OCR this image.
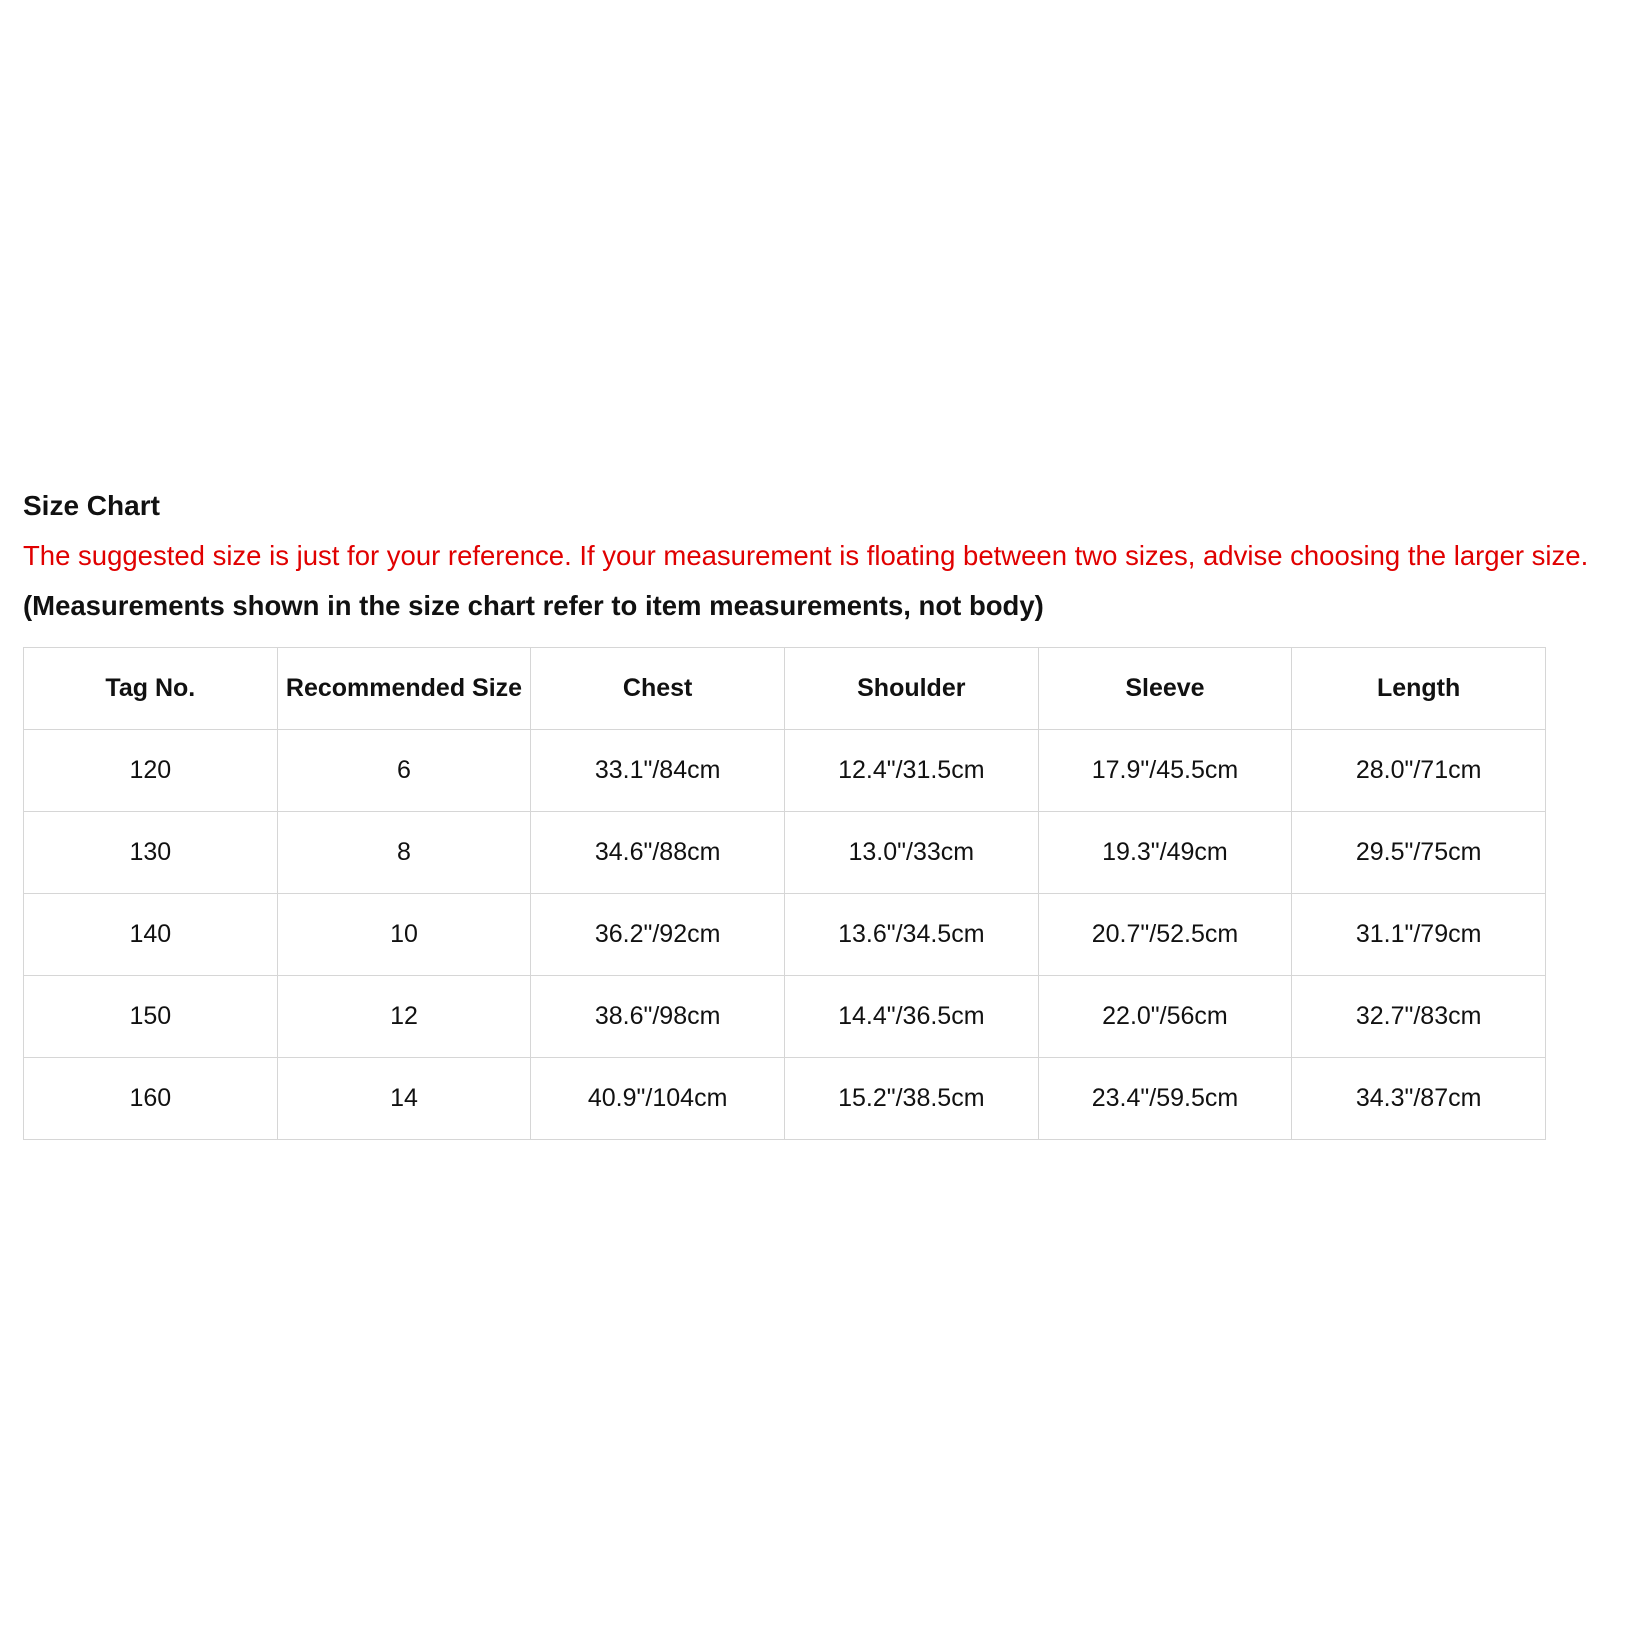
Size Chart
The suggested size is just for your reference. If your measurement is floating between two sizes, advise choosing the larger size.
(Measurements shown in the size chart refer to item measurements, not body)
Tag No.	Recommended Size	Chest	Shoulder	Sleeve	Length
120	6	33.1"/84cm	12.4"/31.5cm	17.9"/45.5cm	28.0"/71cm
130	8	34.6"/88cm	13.0"/33cm	19.3"/49cm	29.5"/75cm
140	10	36.2"/92cm	13.6"/34.5cm	20.7"/52.5cm	31.1"/79cm
150	12	38.6"/98cm	14.4"/36.5cm	22.0"/56cm	32.7"/83cm
160	14	40.9"/104cm	15.2"/38.5cm	23.4"/59.5cm	34.3"/87cm
